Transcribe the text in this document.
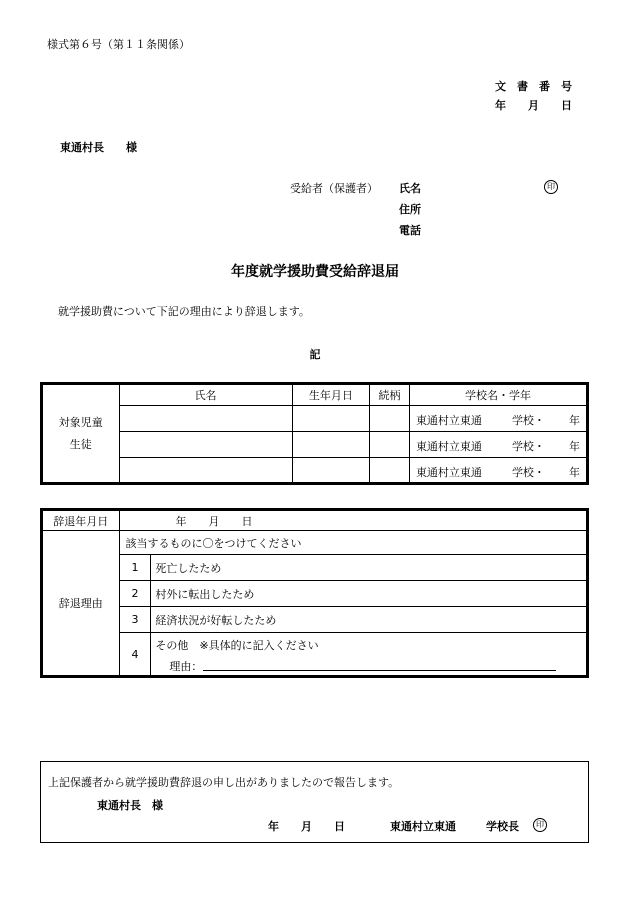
様式第６号（第１１条関係）
文　書　番　号
年　　月　　日
東通村長　　様
受給者（保護者） 氏名	印
住所
電話
年度就学援助費受給辞退届
就学援助費について下記の理由により辞退します。
記
対象児童
生徒	氏名	生年月日	続柄	学校名・学年

				東通村立東通 学校・ 年

				東通村立東通 学校・ 年

				東通村立東通 学校・ 年
辞退年月日	年　　月　　日	
辞退理由	該当するものに〇をつけてください	
	1	死亡したため
	2	村外に転出したため
	3	経済状況が好転したため
	4	その他　※具体的に記入ください
理由：
上記保護者から就学援助費辞退の申し出がありましたので報告します。
東通村長　様
年　　月　　日	東通村立東通	学校長	印
